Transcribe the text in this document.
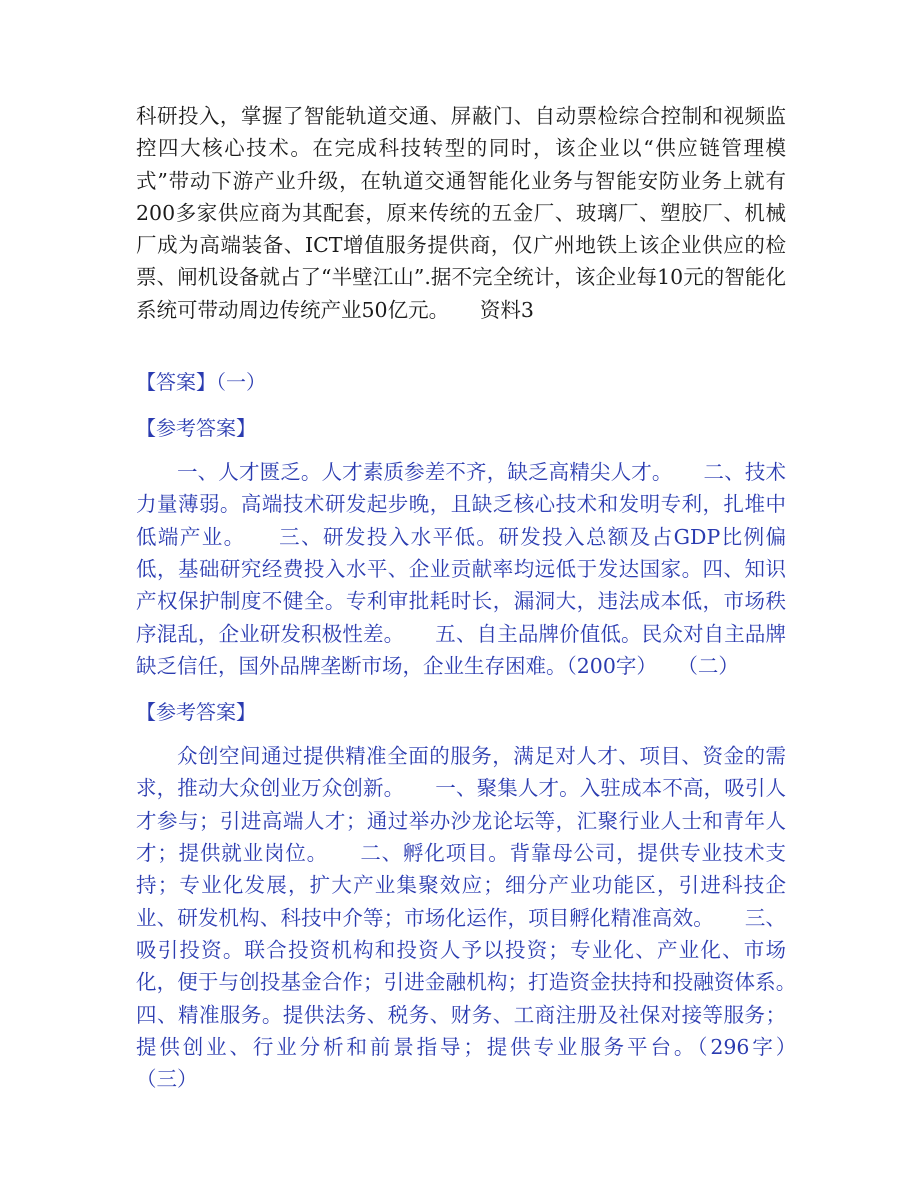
科研投入，掌握了智能轨道交通、屏蔽门、自动票检综合控制和视频监控四大核心技术。在完成科技转型的同时，该企业以“供应链管理模式”带动下游产业升级，在轨道交通智能化业务与智能安防业务上就有200多家供应商为其配套，原来传统的五金厂、玻璃厂、塑胶厂、机械厂成为高端装备、ICT增值服务提供商，仅广州地铁上该企业供应的检票、闸机设备就占了“半壁江山”.据不完全统计，该企业每10元的智能化系统可带动周边传统产业50亿元。　　资料3

【答案】（一）

【参考答案】

一、人才匮乏。人才素质参差不齐，缺乏高精尖人才。　　二、技术力量薄弱。高端技术研发起步晚，且缺乏核心技术和发明专利，扎堆中低端产业。　　三、研发投入水平低。研发投入总额及占GDP比例偏低，基础研究经费投入水平、企业贡献率均远低于发达国家。四、知识产权保护制度不健全。专利审批耗时长，漏洞大，违法成本低，市场秩序混乱，企业研发积极性差。　　五、自主品牌价值低。民众对自主品牌缺乏信任，国外品牌垄断市场，企业生存困难。（200字）　　（二）

【参考答案】

众创空间通过提供精准全面的服务，满足对人才、项目、资金的需求，推动大众创业万众创新。　　一、聚集人才。入驻成本不高，吸引人才参与；引进高端人才；通过举办沙龙论坛等，汇聚行业人士和青年人才；提供就业岗位。　　二、孵化项目。背靠母公司，提供专业技术支持；专业化发展，扩大产业集聚效应；细分产业功能区，引进科技企业、研发机构、科技中介等；市场化运作，项目孵化精准高效。　　三、吸引投资。联合投资机构和投资人予以投资；专业化、产业化、市场化，便于与创投基金合作；引进金融机构；打造资金扶持和投融资体系。　　四、精准服务。提供法务、税务、财务、工商注册及社保对接等服务；提供创业、行业分析和前景指导；提供专业服务平台。（296字）　　（三）
